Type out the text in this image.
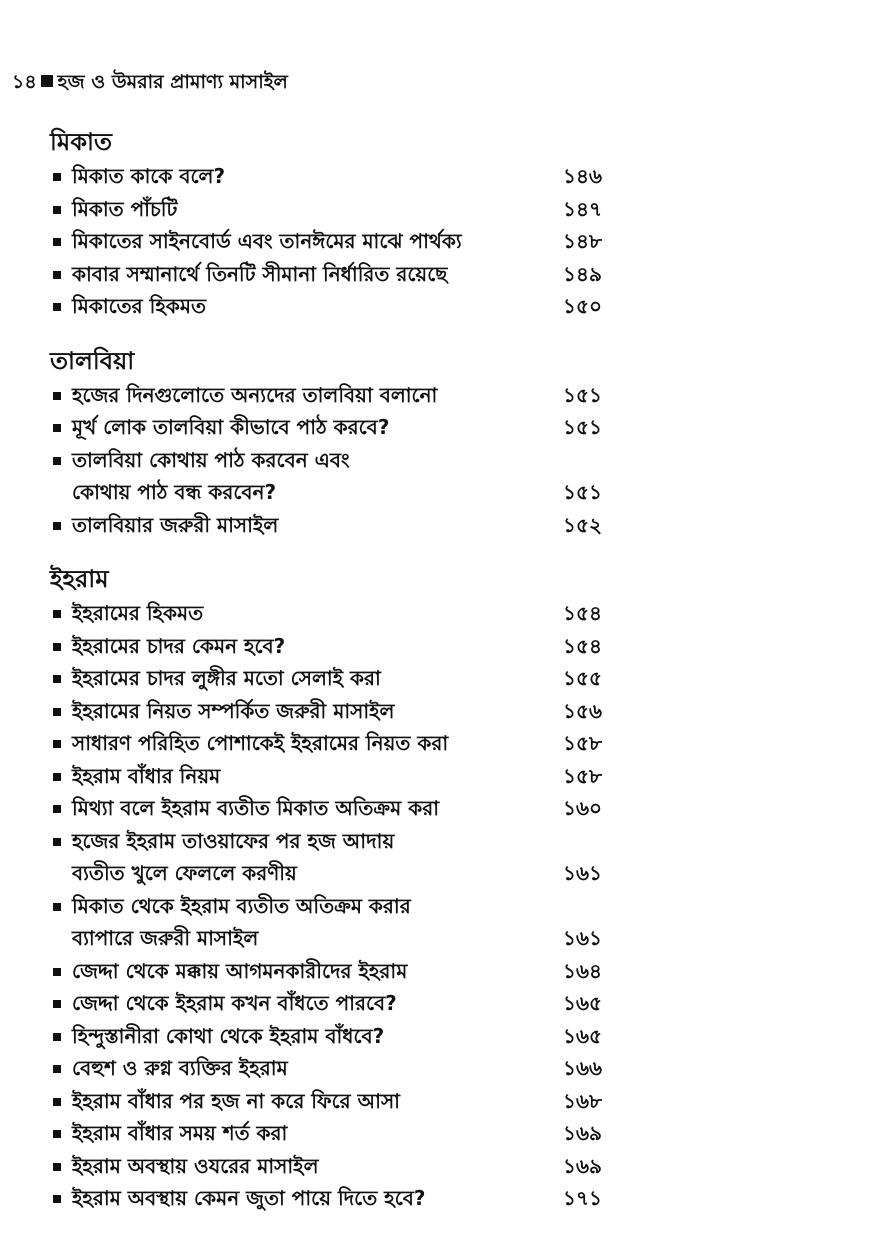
১৪ হজ ও উমরার প্রামাণ্য মাসাইল
মিকাত
মিকাত কাকে বলে?	১৪৬
মিকাত পাঁচটি	১৪৭
মিকাতের সাইনবোর্ড এবং তানঈমের মাঝে পার্থক্য	১৪৮
কাবার সম্মানার্থে তিনটি সীমানা নির্ধারিত রয়েছে	১৪৯
মিকাতের হিকমত	১৫০
তালবিয়া
হজের দিনগুলোতে অন্যদের তালবিয়া বলানো	১৫১
মূর্খ লোক তালবিয়া কীভাবে পাঠ করবে?	১৫১
তালবিয়া কোথায় পাঠ করবেন এবং
কোথায় পাঠ বন্ধ করবেন?	১৫১
তালবিয়ার জরুরী মাসাইল	১৫২
ইহরাম
ইহরামের হিকমত	১৫৪
ইহরামের চাদর কেমন হবে?	১৫৪
ইহরামের চাদর লুঙ্গীর মতো সেলাই করা	১৫৫
ইহরামের নিয়ত সম্পর্কিত জরুরী মাসাইল	১৫৬
সাধারণ পরিহিত পোশাকেই ইহরামের নিয়ত করা	১৫৮
ইহরাম বাঁধার নিয়ম	১৫৮
মিথ্যা বলে ইহরাম ব্যতীত মিকাত অতিক্রম করা	১৬০
হজের ইহরাম তাওয়াফের পর হজ আদায়
ব্যতীত খুলে ফেললে করণীয়	১৬১
মিকাত থেকে ইহরাম ব্যতীত অতিক্রম করার
ব্যাপারে জরুরী মাসাইল	১৬১
জেদ্দা থেকে মক্কায় আগমনকারীদের ইহরাম	১৬৪
জেদ্দা থেকে ইহরাম কখন বাঁধতে পারবে?	১৬৫
হিন্দুস্তানীরা কোথা থেকে ইহরাম বাঁধবে?	১৬৫
বেহুশ ও রুগ্ন ব্যক্তির ইহরাম	১৬৬
ইহরাম বাঁধার পর হজ না করে ফিরে আসা	১৬৮
ইহরাম বাঁধার সময় শর্ত করা	১৬৯
ইহরাম অবস্থায় ওযরের মাসাইল	১৬৯
ইহরাম অবস্থায় কেমন জুতা পায়ে দিতে হবে?	১৭১
